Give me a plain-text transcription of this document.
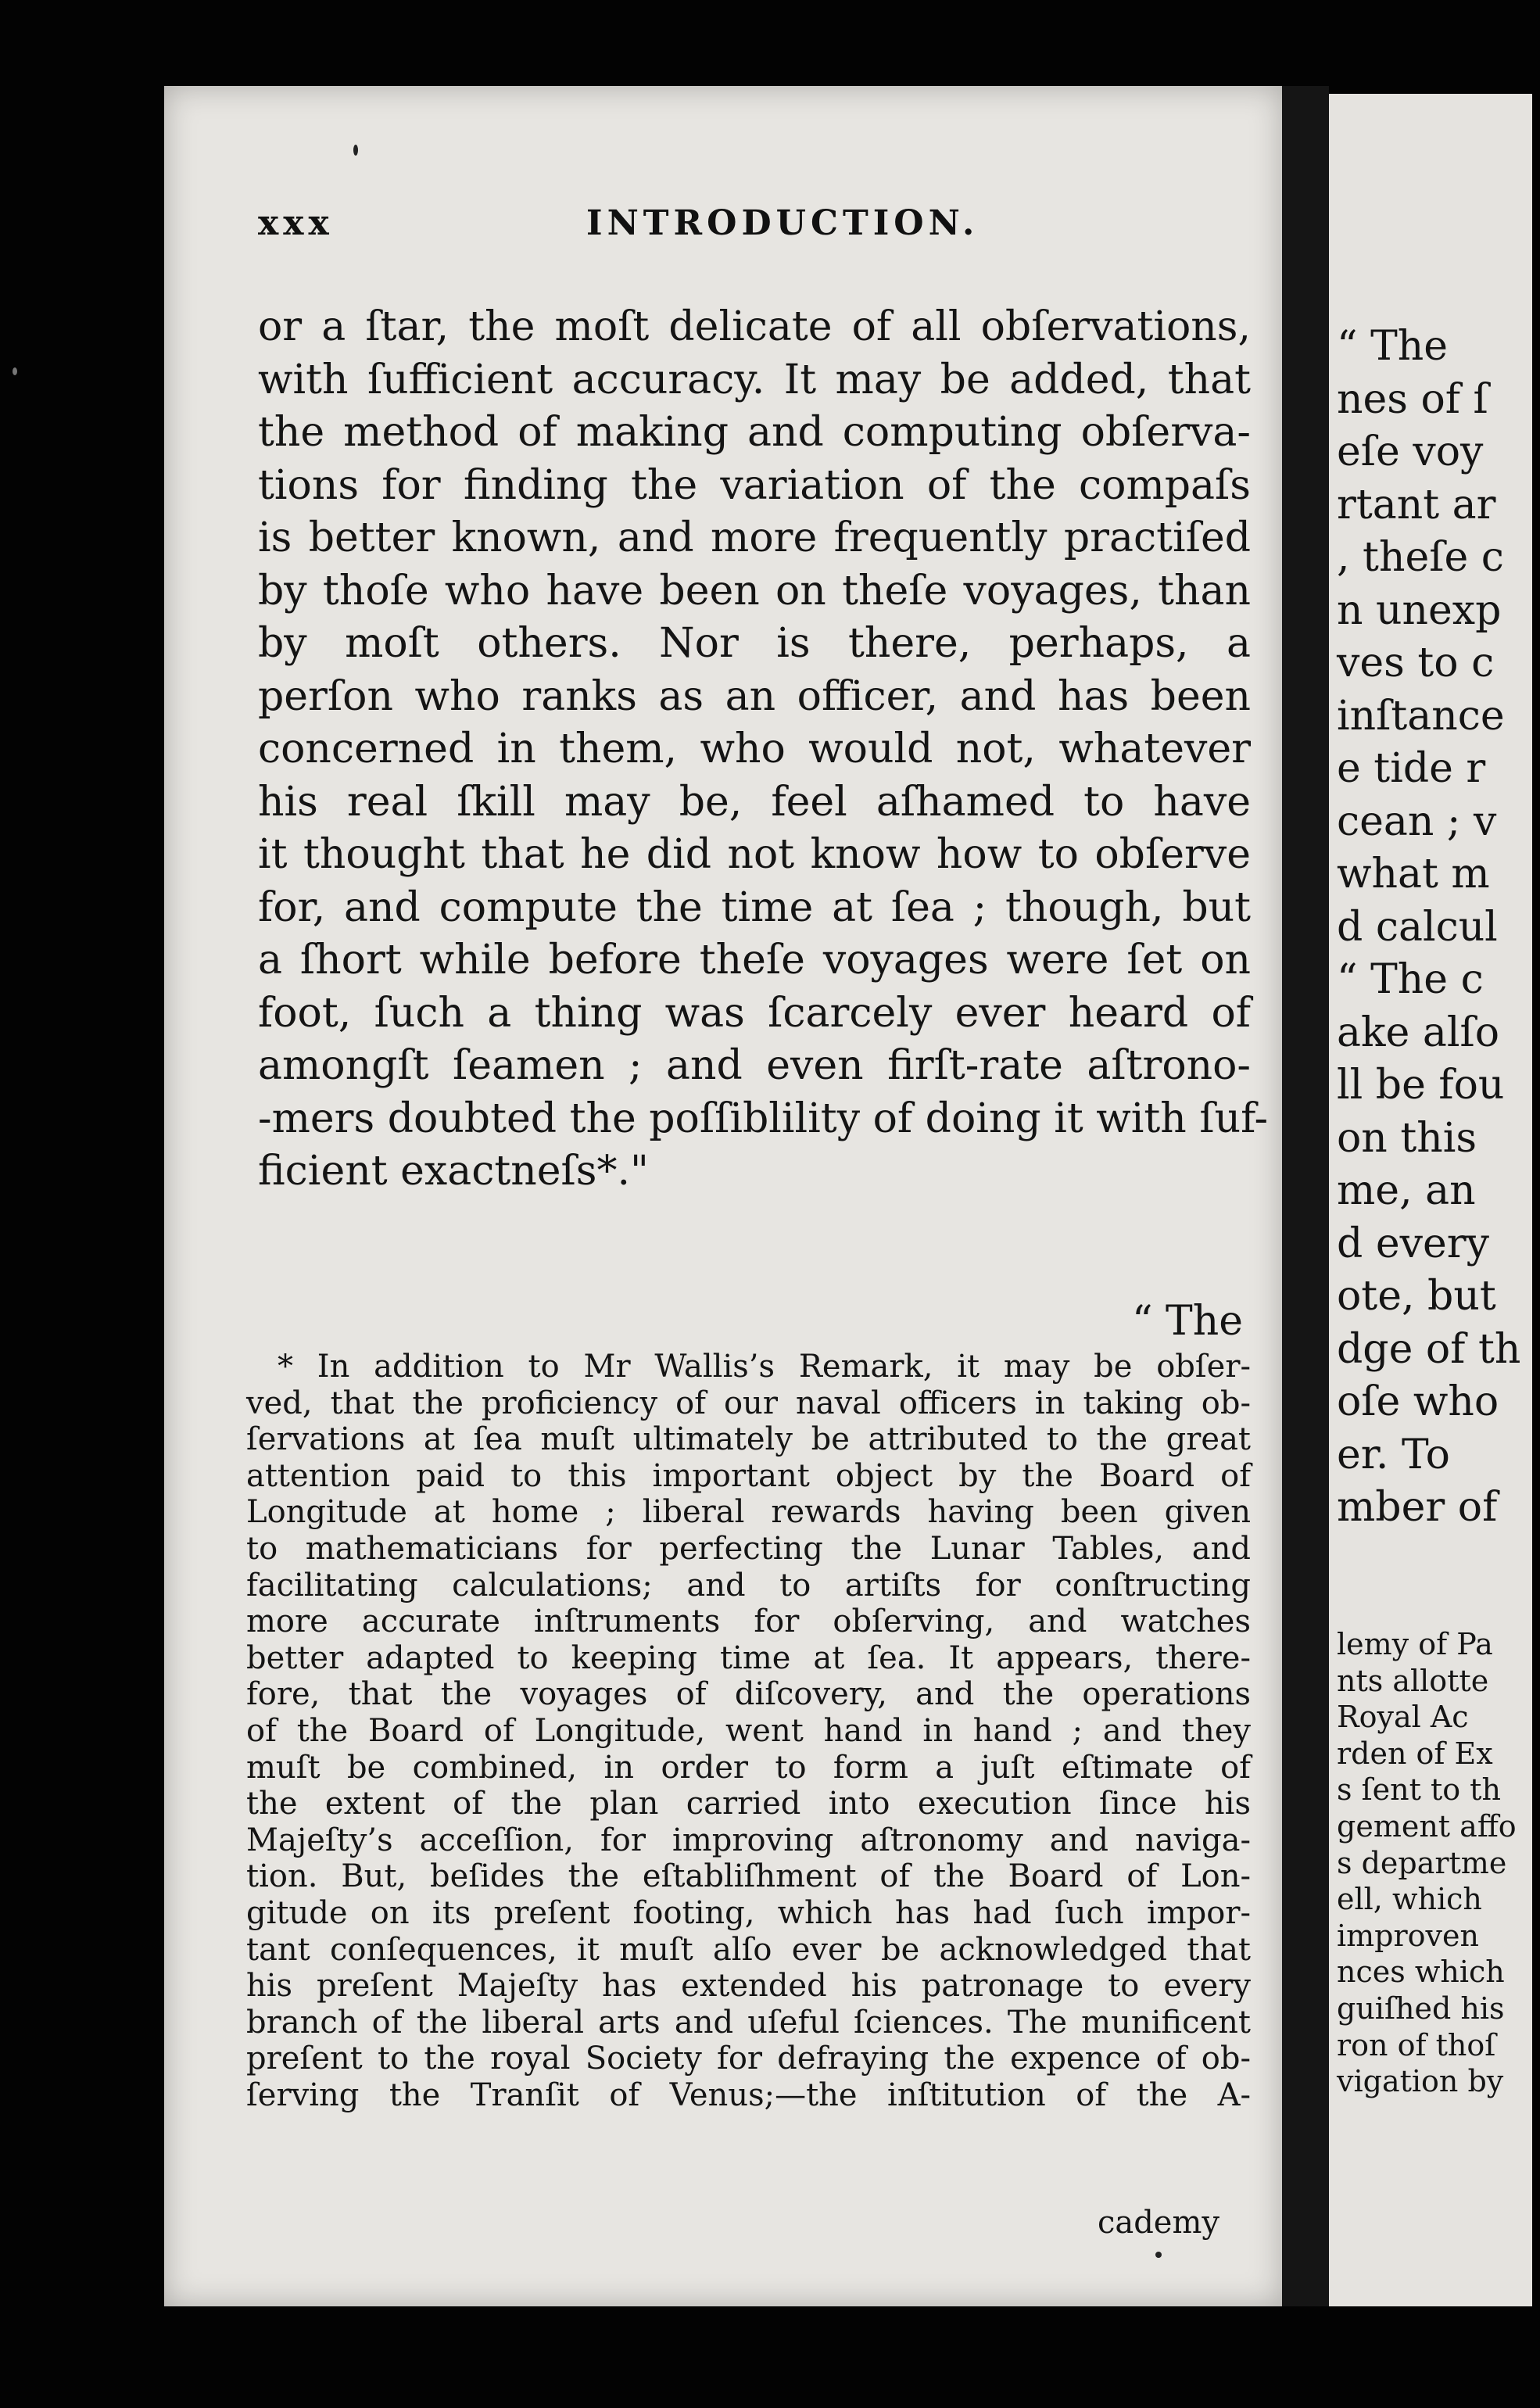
“ The
nes of ſ
eſe voy
rtant ar
, theſe c
n unexp
ves to c
inſtance
e tide r
cean ; v
what m
d calcul
“ The c
ake alſo
ll be fou
on this
me, an
d every
ote, but
dge of th
oſe who
er. To
mber of
lemy of Pa
nts allotte
Royal Ac
rden of Ex
s ſent to th
gement affo
s departme
ell, which
improven
nces which
guiſhed his
ron of thoſ
vigation by
xxx	INTRODUCTION.
or a ſtar, the moſt delicate of all obſervations,
with ſufficient accuracy. It may be added, that
the method of making and computing obſerva-
tions for finding the variation of the compaſs
is better known, and more frequently practiſed
by thoſe who have been on theſe voyages, than
by moſt others. Nor is there, perhaps, a
perſon who ranks as an officer, and has been
concerned in them, who would not, whatever
his real ſkill may be, feel aſhamed to have
it thought that he did not know how to obſerve
for, and compute the time at ſea ; though, but
a ſhort while before theſe voyages were ſet on
foot, ſuch a thing was ſcarcely ever heard of
amongſt ſeamen ; and even firſt-rate aſtrono-
-mers doubted the poſſiblility of doing it with ſuf-
ficient exactneſs*."
“ The
* In addition to Mr Wallis’s Remark, it may be obſer-
ved, that the proficiency of our naval officers in taking ob-
ſervations at ſea muſt ultimately be attributed to the great
attention paid to this important object by the Board of
Longitude at home ; liberal rewards having been given
to mathematicians for perfecting the Lunar Tables, and
facilitating calculations; and to artiſts for conſtructing
more accurate inſtruments for obſerving, and watches
better adapted to keeping time at ſea. It appears, there-
fore, that the voyages of diſcovery, and the operations
of the Board of Longitude, went hand in hand ; and they
muſt be combined, in order to form a juſt eſtimate of
the extent of the plan carried into execution ſince his
Majeſty’s acceſſion, for improving aſtronomy and naviga-
tion. But, beſides the eſtabliſhment of the Board of Lon-
gitude on its preſent footing, which has had ſuch impor-
tant conſequences, it muſt alſo ever be acknowledged that
his preſent Majeſty has extended his patronage to every
branch of the liberal arts and uſeful ſciences. The munificent
preſent to the royal Society for defraying the expence of ob-
ſerving the Tranſit of Venus;—the inſtitution of the A-
cademy
